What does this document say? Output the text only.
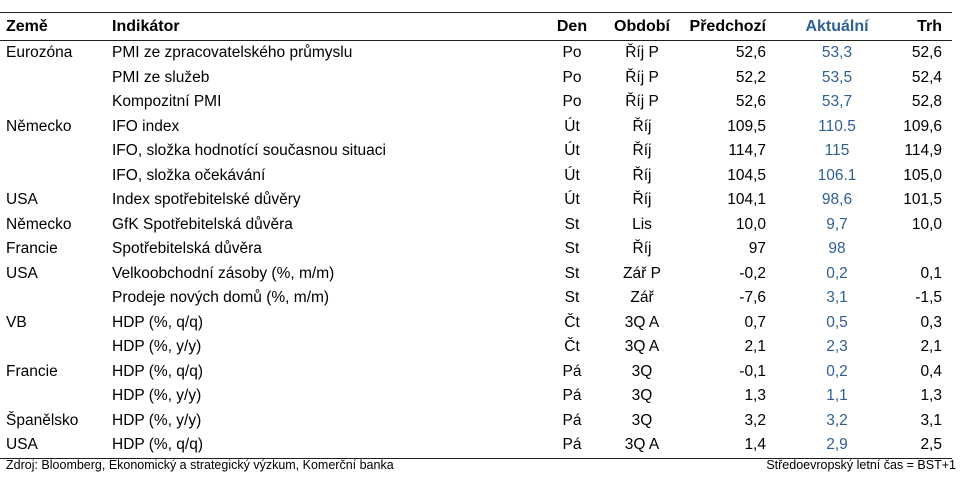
Země	Indikátor	Den	Období	Předchozí	Aktuální	Trh
Eurozóna	PMI ze zpracovatelského průmyslu	Po	Říj P	52,6	53,3	52,6
	PMI ze služeb	Po	Říj P	52,2	53,5	52,4
	Kompozitní PMI	Po	Říj P	52,6	53,7	52,8
Německo	IFO index	Út	Říj	109,5	110.5	109,6
	IFO, složka hodnotící současnou situaci	Út	Říj	114,7	115	114,9
	IFO, složka očekávání	Út	Říj	104,5	106.1	105,0
USA	Index spotřebitelské důvěry	Út	Říj	104,1	98,6	101,5
Německo	GfK Spotřebitelská důvěra	St	Lis	10,0	9,7	10,0
Francie	Spotřebitelská důvěra	St	Říj	97	98	
USA	Velkoobchodní zásoby (%, m/m)	St	Zář P	-0,2	0,2	0,1
	Prodeje nových domů (%, m/m)	St	Zář	-7,6	3,1	-1,5
VB	HDP (%, q/q)	Čt	3Q A	0,7	0,5	0,3
	HDP (%, y/y)	Čt	3Q A	2,1	2,3	2,1
Francie	HDP (%, q/q)	Pá	3Q	-0,1	0,2	0,4
	HDP (%, y/y)	Pá	3Q	1,3	1,1	1,3
Španělsko	HDP (%, y/y)	Pá	3Q	3,2	3,2	3,1
USA	HDP (%, q/q)	Pá	3Q A	1,4	2,9	2,5
Zdroj: Bloomberg, Ekonomický a strategický výzkum, Komerční banka	Středoevropský letní čas = BST+1
